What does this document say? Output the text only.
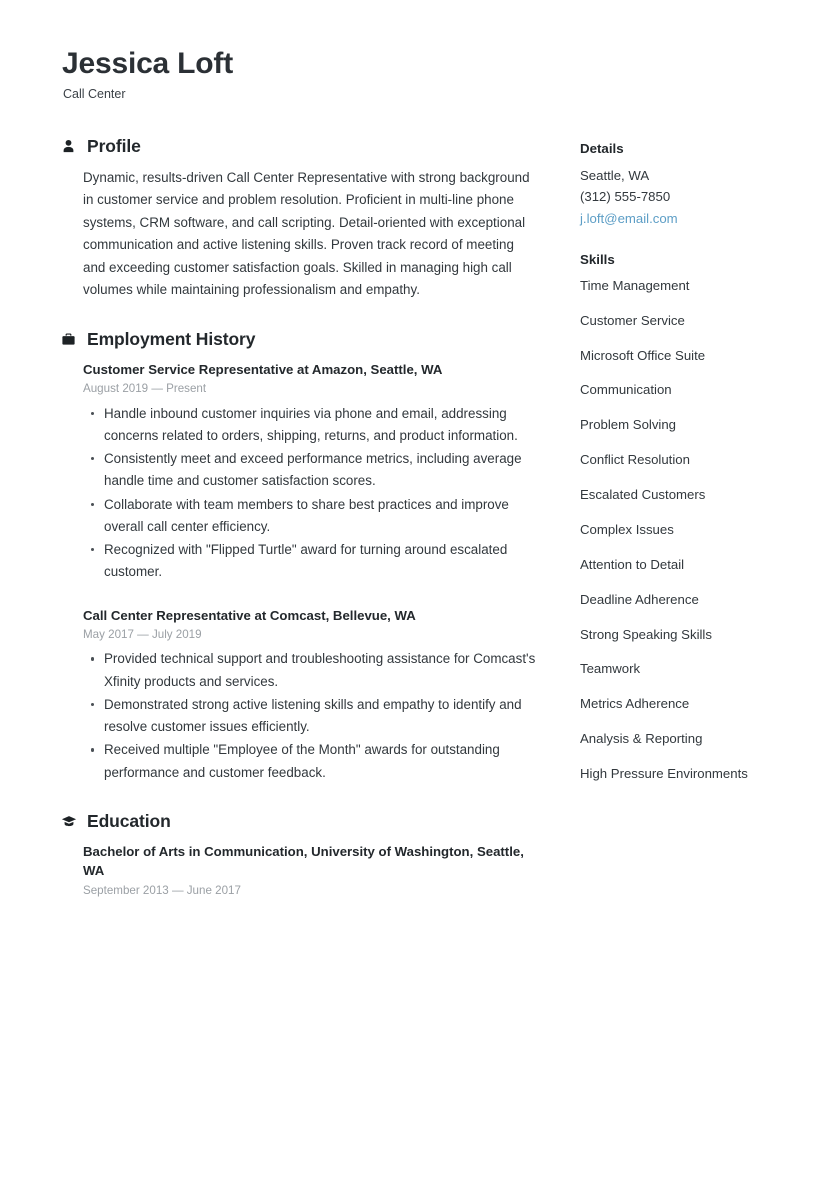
Jessica Loft
Call Center
Profile

Dynamic, results-driven Call Center Representative with strong background in customer service and problem resolution. Proficient in multi-line phone systems, CRM software, and call scripting. Detail-oriented with exceptional communication and active listening skills. Proven track record of meeting and exceeding customer satisfaction goals. Skilled in managing high call volumes while maintaining professionalism and empathy.

Employment History
Customer Service Representative at Amazon, Seattle, WA
August 2019 — Present
Handle inbound customer inquiries via phone and email, addressing concerns related to orders, shipping, returns, and product information.
Consistently meet and exceed performance metrics, including average handle time and customer satisfaction scores.
Collaborate with team members to share best practices and improve overall call center efficiency.
Recognized with "Flipped Turtle" award for turning around escalated customer.
Call Center Representative at Comcast, Bellevue, WA
May 2017 — July 2019
Provided technical support and troubleshooting assistance for Comcast's Xfinity products and services.
Demonstrated strong active listening skills and empathy to identify and resolve customer issues efficiently.
Received multiple "Employee of the Month" awards for outstanding performance and customer feedback.
Education
Bachelor of Arts in Communication, University of Washington, Seattle, WA
September 2013 — June 2017
Details
Seattle, WA
(312) 555-7850
j.loft@email.com
Skills
Time Management
Customer Service
Microsoft Office Suite
Communication
Problem Solving
Conflict Resolution
Escalated Customers
Complex Issues
Attention to Detail
Deadline Adherence
Strong Speaking Skills
Teamwork
Metrics Adherence
Analysis & Reporting
High Pressure Environments
